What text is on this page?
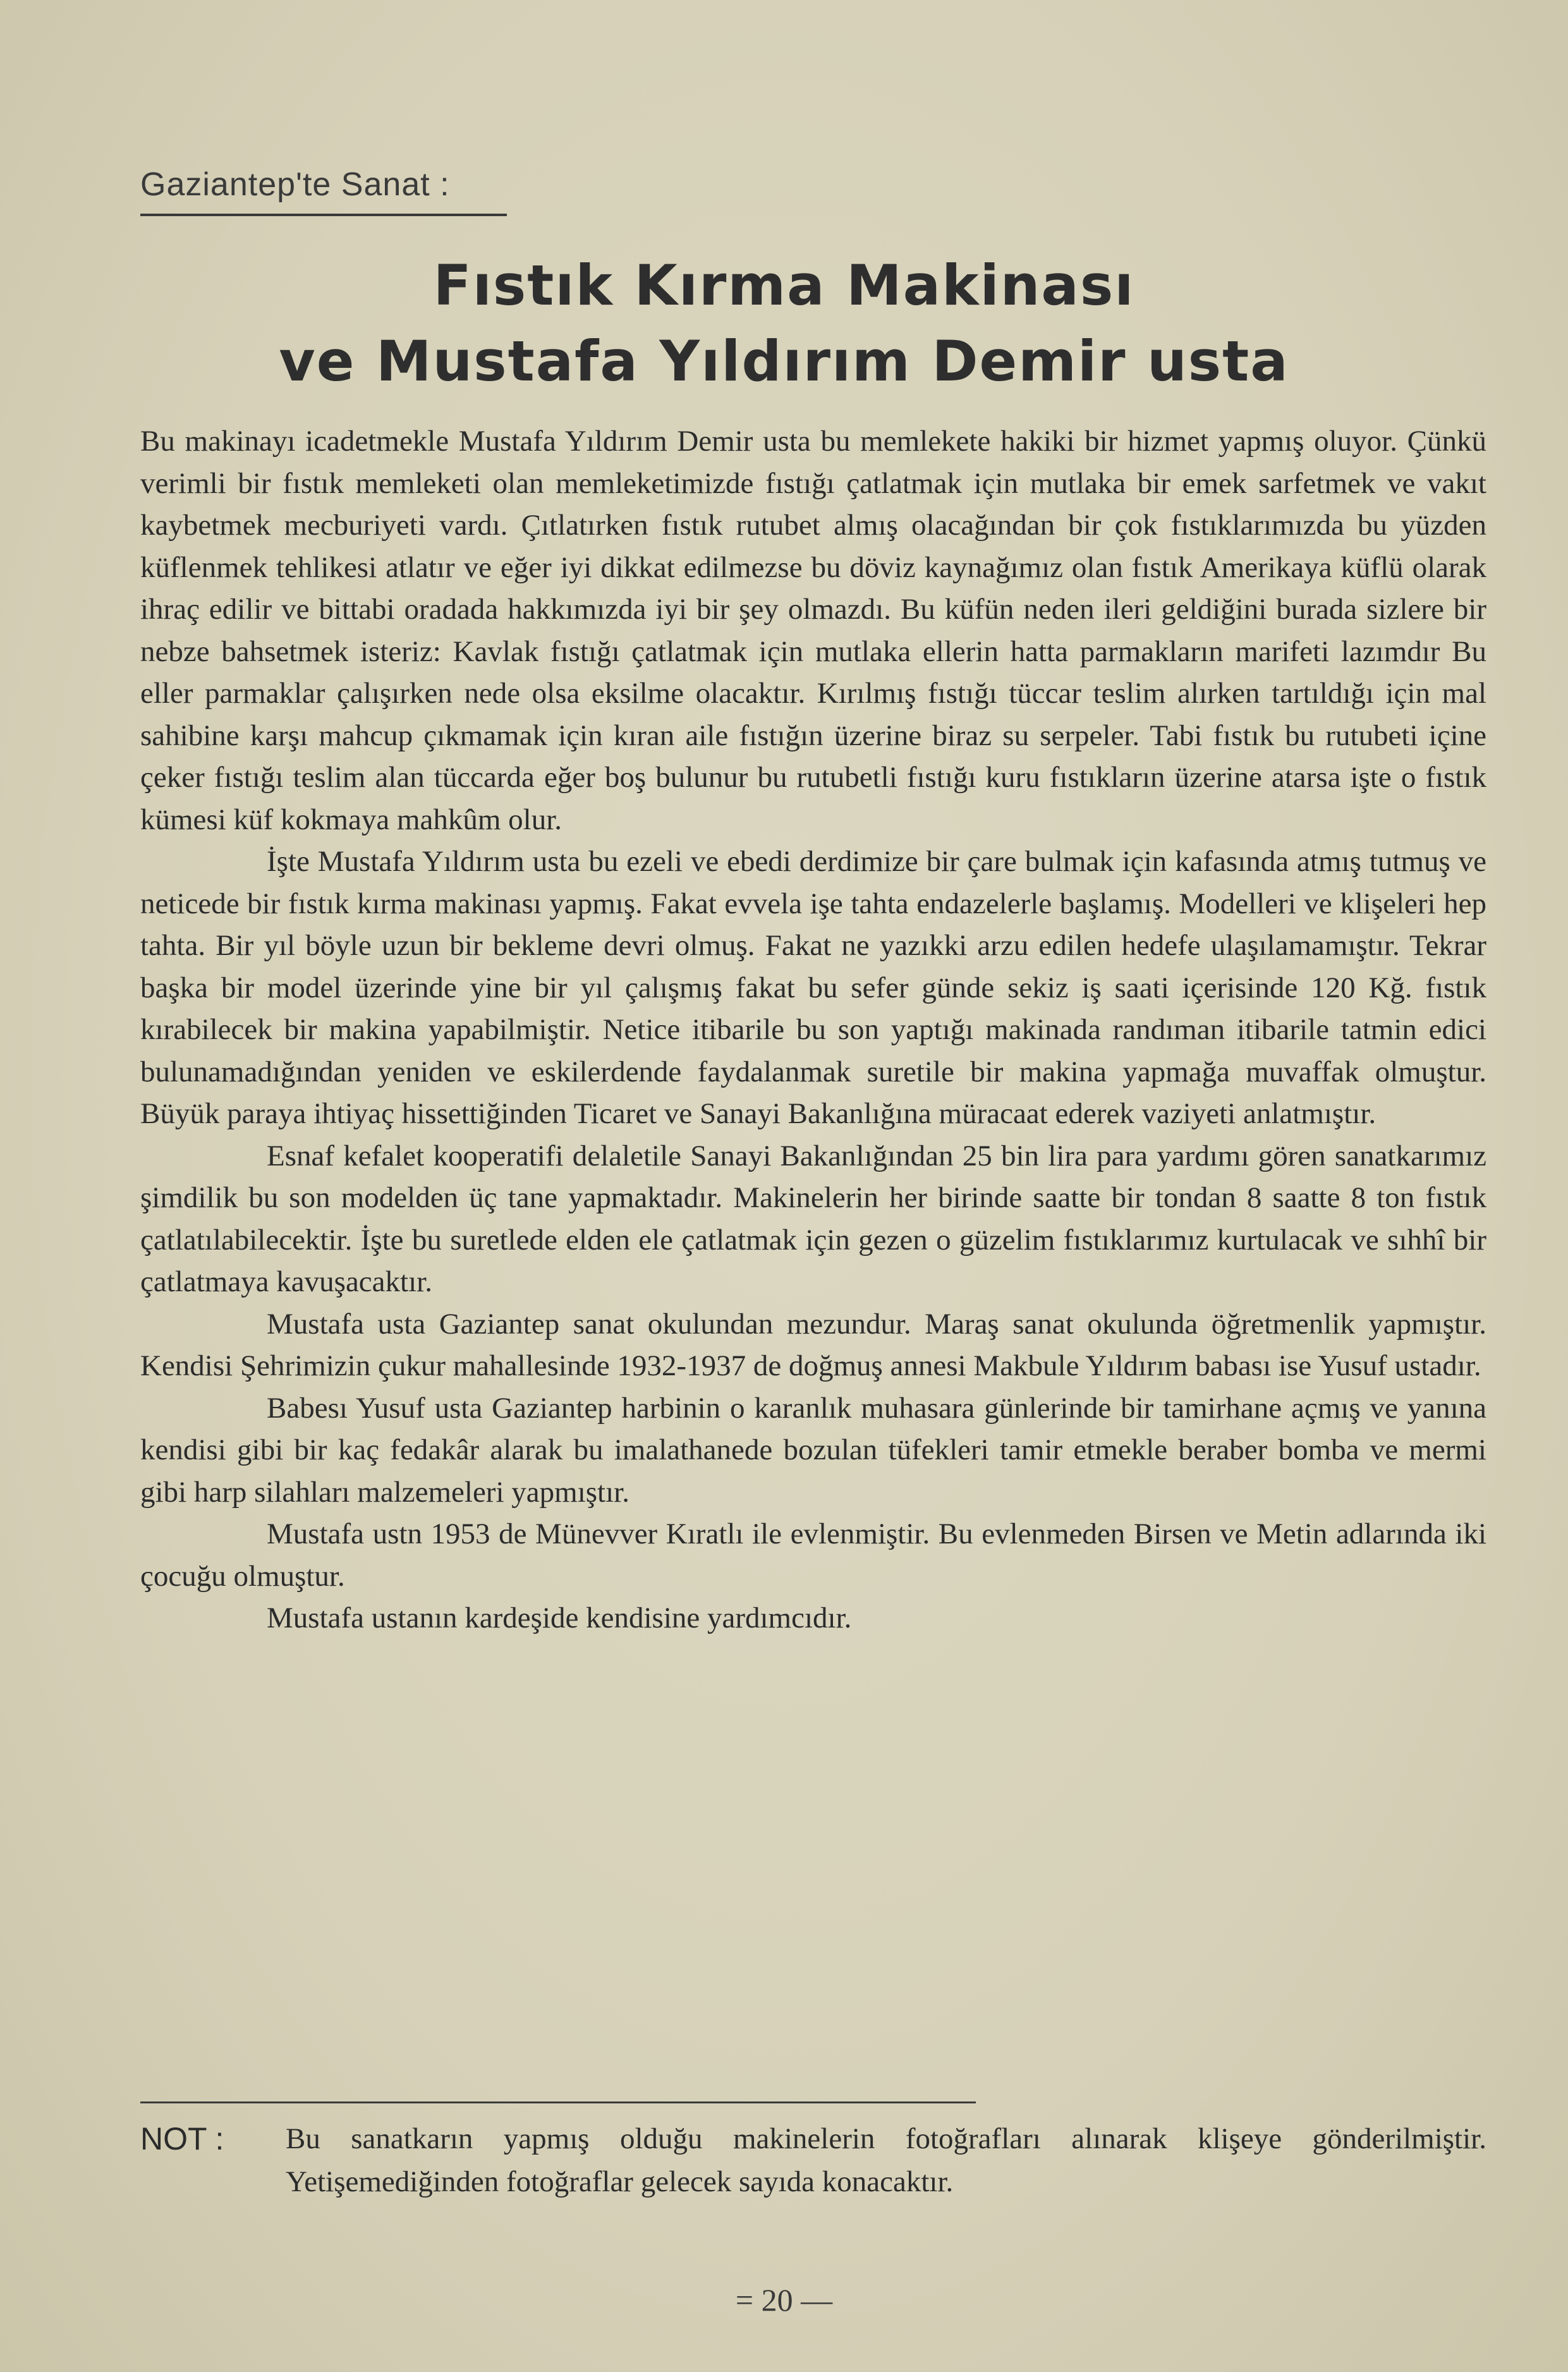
Gaziantep'te Sanat :
Fıstık Kırma Makinası
ve Mustafa Yıldırım Demir usta

Bu makinayı icadetmekle Mustafa Yıldırım Demir usta bu memlekete hakiki bir hizmet yapmış oluyor. Çünkü verimli bir fıstık memleketi olan memleketimizde fıstığı çatlatmak için mutlaka bir emek sarfetmek ve vakıt kaybetmek mecburiyeti vardı. Çıtlatırken fıstık rutubet almış olacağından bir çok fıstıklarımızda bu yüzden küflenmek tehlikesi atlatır ve eğer iyi dikkat edilmezse bu döviz kaynağımız olan fıstık Amerikaya küflü olarak ihraç edilir ve bittabi oradada hakkımızda iyi bir şey olmazdı. Bu küfün neden ileri geldiğini burada sizlere bir nebze bahsetmek isteriz: Kavlak fıstığı çatlatmak için mutlaka ellerin hatta parmakların marifeti lazımdır Bu eller parmaklar çalışırken nede olsa eksilme olacaktır. Kırılmış fıstığı tüccar teslim alırken tartıldığı için mal sahibine karşı mahcup çıkmamak için kıran aile fıstığın üzerine biraz su serpeler. Tabi fıstık bu rutubeti içine çeker fıstığı teslim alan tüccarda eğer boş bulunur bu rutubetli fıstığı kuru fıstıkların üzerine atarsa işte o fıstık kümesi küf kokmaya mahkûm olur.

İşte Mustafa Yıldırım usta bu ezeli ve ebedi derdimize bir çare bulmak için kafasında atmış tutmuş ve neticede bir fıstık kırma makinası yapmış. Fakat evvela işe tahta endazelerle başlamış. Modelleri ve klişeleri hep tahta. Bir yıl böyle uzun bir bekleme devri olmuş. Fakat ne yazıkki arzu edilen hedefe ulaşılamamıştır. Tekrar başka bir model üzerinde yine bir yıl çalışmış fakat bu sefer günde sekiz iş saati içerisinde 120 Kğ. fıstık kırabilecek bir makina yapabilmiştir. Netice itibarile bu son yaptığı makinada randıman itibarile tatmin edici bulunamadığından yeniden ve eskilerdende faydalanmak suretile bir makina yapmağa muvaffak olmuştur. Büyük paraya ihtiyaç hissettiğinden Ticaret ve Sanayi Bakanlığına müracaat ederek vaziyeti anlatmıştır.

Esnaf kefalet kooperatifi delaletile Sanayi Bakanlığından 25 bin lira para yardımı gören sanatkarımız şimdilik bu son modelden üç tane yapmaktadır. Makinelerin her birinde saatte bir tondan 8 saatte 8 ton fıstık çatlatılabilecektir. İşte bu suretlede elden ele çatlatmak için gezen o güzelim fıstıklarımız kurtulacak ve sıhhî bir çatlatmaya kavuşacaktır.

Mustafa usta Gaziantep sanat okulundan mezundur. Maraş sanat okulunda öğretmenlik yapmıştır. Kendisi Şehrimizin çukur mahallesinde 1932-1937 de doğmuş annesi Makbule Yıldırım babası ise Yusuf ustadır.

Babesı Yusuf usta Gaziantep harbinin o karanlık muhasara günlerinde bir tamirhane açmış ve yanına kendisi gibi bir kaç fedakâr alarak bu imalathanede bozulan tüfekleri tamir etmekle beraber bomba ve mermi gibi harp silahları malzemeleri yapmıştır.

Mustafa ustn 1953 de Münevver Kıratlı ile evlenmiştir. Bu evlenmeden Birsen ve Metin adlarında iki çocuğu olmuştur.

Mustafa ustanın kardeşide kendisine yardımcıdır.

NOT : Bu sanatkarın yapmış olduğu makinelerin fotoğrafları alınarak klişeye gönderilmiştir. Yetişemediğinden fotoğraflar gelecek sayıda konacaktır.
= 20 —
